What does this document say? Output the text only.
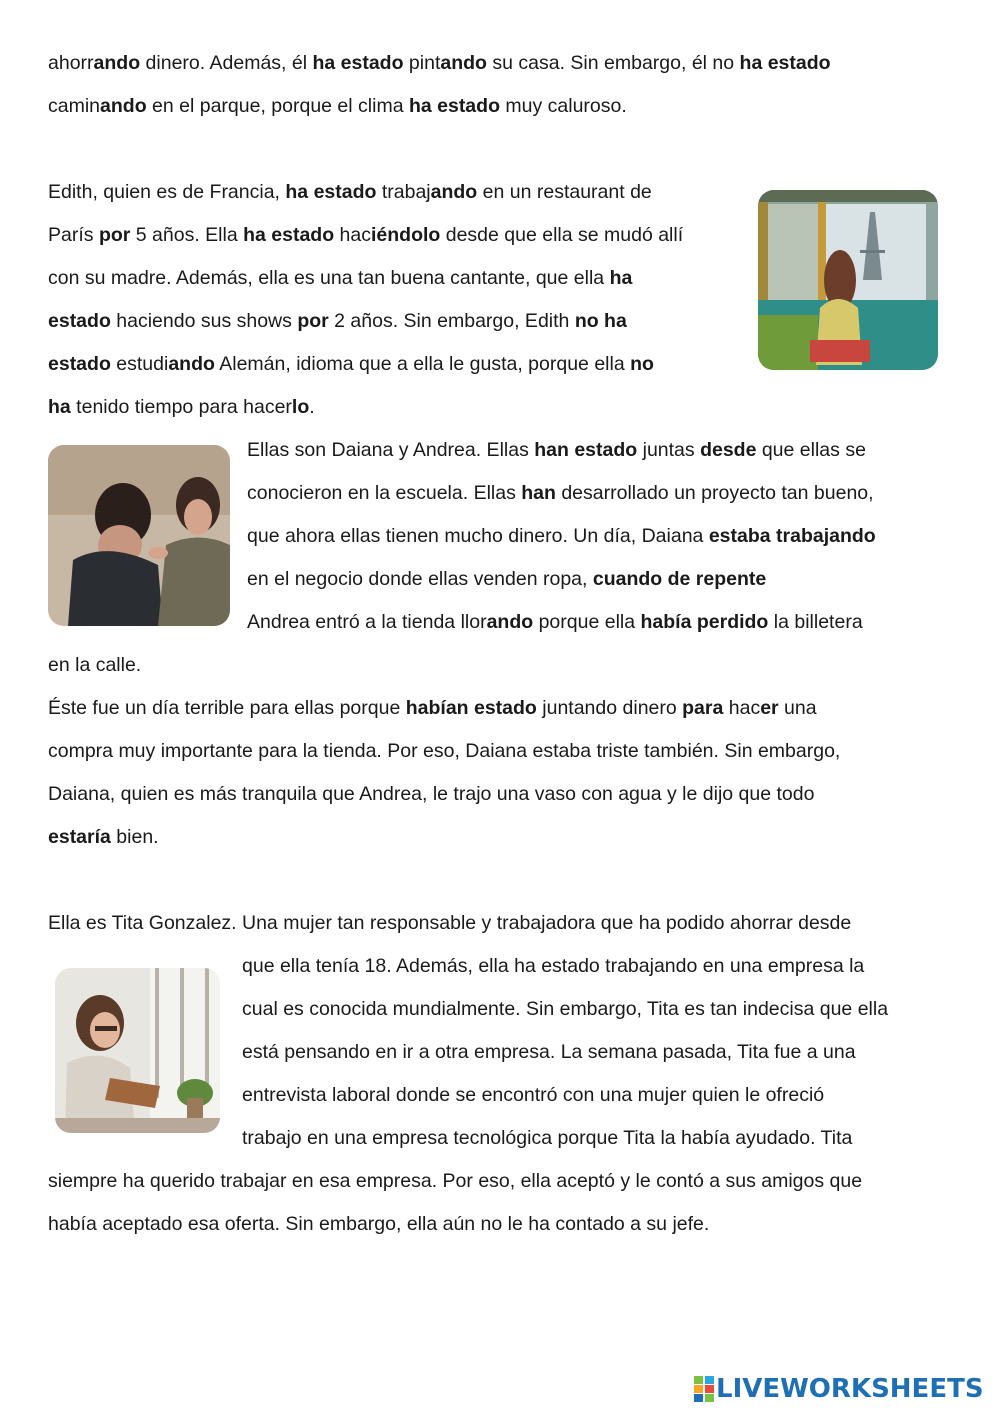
ahorrando dinero. Además, él ha estado pintando su casa. Sin embargo, él no ha estado
caminando en el parque, porque el clima ha estado muy caluroso.
Edith, quien es de Francia, ha estado trabajando en un restaurant de
París por 5 años. Ella ha estado haciéndolo desde que ella se mudó allí
con su madre. Además, ella es una tan buena cantante, que ella ha
estado haciendo sus shows por 2 años. Sin embargo, Edith no ha
estado estudiando Alemán, idioma que a ella le gusta, porque ella no
ha tenido tiempo para hacerlo.
Ellas son Daiana y Andrea. Ellas han estado juntas desde que ellas se
conocieron en la escuela. Ellas han desarrollado un proyecto tan bueno,
que ahora ellas tienen mucho dinero. Un día, Daiana estaba trabajando
en el negocio donde ellas venden ropa, cuando de repente
Andrea entró a la tienda llorando porque ella había perdido la billetera
en la calle.
Éste fue un día terrible para ellas porque habían estado juntando dinero para hacer una
compra muy importante para la tienda. Por eso, Daiana estaba triste también. Sin embargo,
Daiana, quien es más tranquila que Andrea, le trajo una vaso con agua y le dijo que todo
estaría bien.
Ella es Tita Gonzalez. Una mujer tan responsable y trabajadora que ha podido ahorrar desde
que ella tenía 18. Además, ella ha estado trabajando en una empresa la
cual es conocida mundialmente. Sin embargo, Tita es tan indecisa que ella
está pensando en ir a otra empresa. La semana pasada, Tita fue a una
entrevista laboral donde se encontró con una mujer quien le ofreció
trabajo en una empresa tecnológica porque Tita la había ayudado. Tita
siempre ha querido trabajar en esa empresa. Por eso, ella aceptó y le contó a sus amigos que
había aceptado esa oferta. Sin embargo, ella aún no le ha contado a su jefe.
LIVEWORKSHEETS
